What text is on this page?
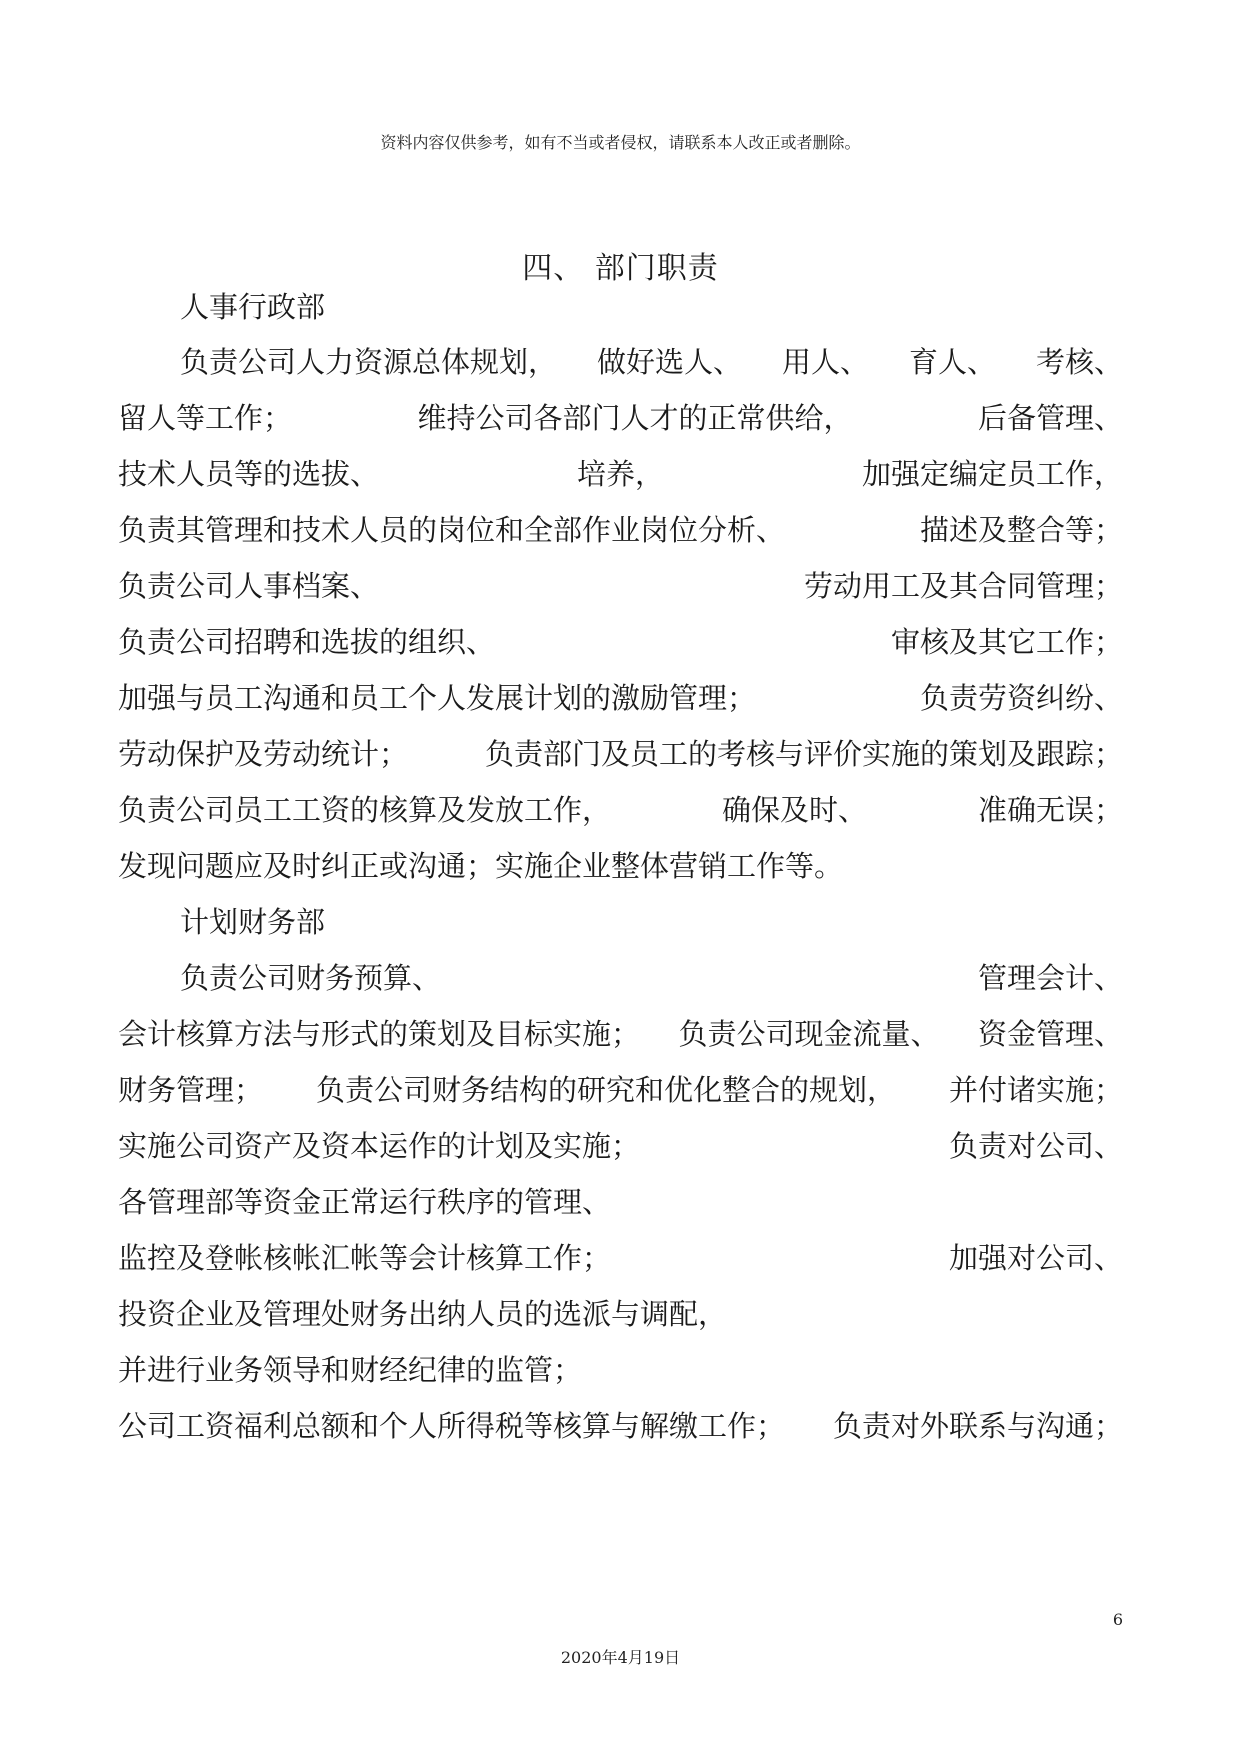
资料内容仅供参考，如有不当或者侵权，请联系本人改正或者删除。
四、 部门职责
人事行政部
负责公司人力资源总体规划， 做好选人、 用人、 育人、 考核、
留人等工作；	维持公司各部门人才的正常供给，	后备管理、
技术人员等的选拔、	培养，	加强定编定员工作，
负责其管理和技术人员的岗位和全部作业岗位分析、	描述及整合等；
负责公司人事档案、	劳动用工及其合同管理；
负责公司招聘和选拔的组织、	审核及其它工作；
加强与员工沟通和员工个人发展计划的激励管理；	负责劳资纠纷、
劳动保护及劳动统计；	负责部门及员工的考核与评价实施的策划及跟踪；
负责公司员工工资的核算及发放工作，	确保及时、	准确无误；
发现问题应及时纠正或沟通；实施企业整体营销工作等。
计划财务部
负责公司财务预算、	管理会计、
会计核算方法与形式的策划及目标实施； 负责公司现金流量、 资金管理、
财务管理； 负责公司财务结构的研究和优化整合的规划， 并付诸实施；
实施公司资产及资本运作的计划及实施；	负责对公司、
各管理部等资金正常运行秩序的管理、
监控及登帐核帐汇帐等会计核算工作；	加强对公司、
投资企业及管理处财务出纳人员的选派与调配，
并进行业务领导和财经纪律的监管；
公司工资福利总额和个人所得税等核算与解缴工作； 负责对外联系与沟通；
6
2020年4月19日
